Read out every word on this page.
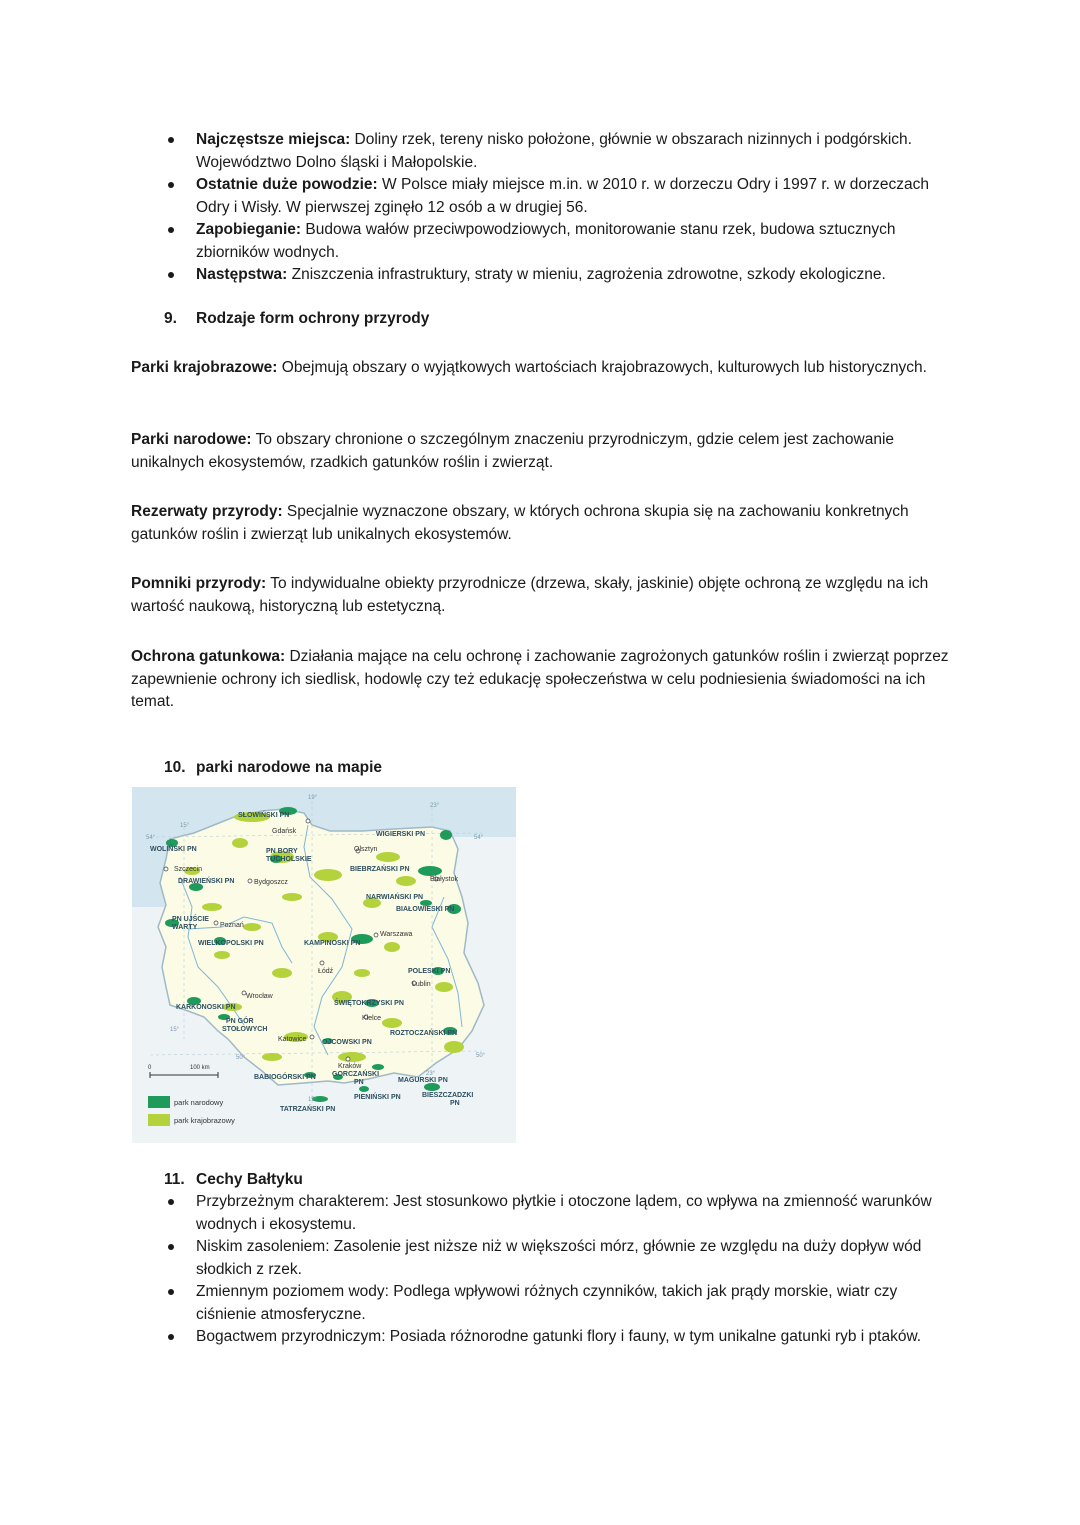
Najczęstsze miejsca: Doliny rzek, tereny nisko położone, głównie w obszarach nizinnych i podgórskich. Województwo Dolno śląski i Małopolskie.
Ostatnie duże powodzie: W Polsce miały miejsce m.in. w 2010 r. w dorzeczu Odry i 1997 r. w dorzeczach Odry i Wisły. W pierwszej zginęło 12 osób a w drugiej 56.
Zapobieganie: Budowa wałów przeciwpowodziowych, monitorowanie stanu rzek, budowa sztucznych zbiorników wodnych.
Następstwa: Zniszczenia infrastruktury, straty w mieniu, zagrożenia zdrowotne, szkody ekologiczne.
9. Rodzaje form ochrony przyrody

Parki krajobrazowe: Obejmują obszary o wyjątkowych wartościach krajobrazowych, kulturowych lub historycznych.

Parki narodowe: To obszary chronione o szczególnym znaczeniu przyrodniczym, gdzie celem jest zachowanie unikalnych ekosystemów, rzadkich gatunków roślin i zwierząt.

Rezerwaty przyrody: Specjalnie wyznaczone obszary, w których ochrona skupia się na zachowaniu konkretnych gatunków roślin i zwierząt lub unikalnych ekosystemów.

Pomniki przyrody: To indywidualne obiekty przyrodnicze (drzewa, skały, jaskinie) objęte ochroną ze względu na ich wartość naukową, historyczną lub estetyczną.

Ochrona gatunkowa: Działania mające na celu ochronę i zachowanie zagrożonych gatunków roślin i zwierząt poprzez zapewnienie ochrony ich siedlisk, hodowlę czy też edukację społeczeństwa w celu podniesienia świadomości na ich temat.

10. parki narodowe na mapie
19°
23°
15°
54°	54°
15°
50°	50°
19°
23°
Gdańsk
Olsztyn
Szczecin
Bydgoszcz	Białystok
Poznań
Warszawa
Łódź
Lublin
Wrocław
Kielce
Katowice
Kraków
SŁOWIŃSKI PN
WOLIŃSKI PN
DRAWIEŃSKI PN
PN BORY
TUCHOLSKIE
PN UJŚCIE
WARTY
WIELKOPOLSKI PN
WIGIERSKI PN
BIEBRZAŃSKI PN
NARWIAŃSKI PN
BIAŁOWIESKI PN
KAMPINOSKI PN
POLESKI PN
ŚWIĘTOKRZYSKI PN
ROZTOCZAŃSKI PN
KARKONOSKI PN
PN GÓR
STOŁOWYCH
OJCOWSKI PN
BABIOGÓRSKI PN GORCZAŃSKI
PN	MAGURSKI PN
PIENIŃSKI PN	BIESZCZADZKI
PN
TATRZAŃSKI PN
0	100 km
park narodowy
park krajobrazowy
11. Cechy Bałtyku
Przybrzeżnym charakterem: Jest stosunkowo płytkie i otoczone lądem, co wpływa na zmienność warunków wodnych i ekosystemu.
Niskim zasoleniem: Zasolenie jest niższe niż w większości mórz, głównie ze względu na duży dopływ wód słodkich z rzek.
Zmiennym poziomem wody: Podlega wpływowi różnych czynników, takich jak prądy morskie, wiatr czy ciśnienie atmosferyczne.
Bogactwem przyrodniczym: Posiada różnorodne gatunki flory i fauny, w tym unikalne gatunki ryb i ptaków.
